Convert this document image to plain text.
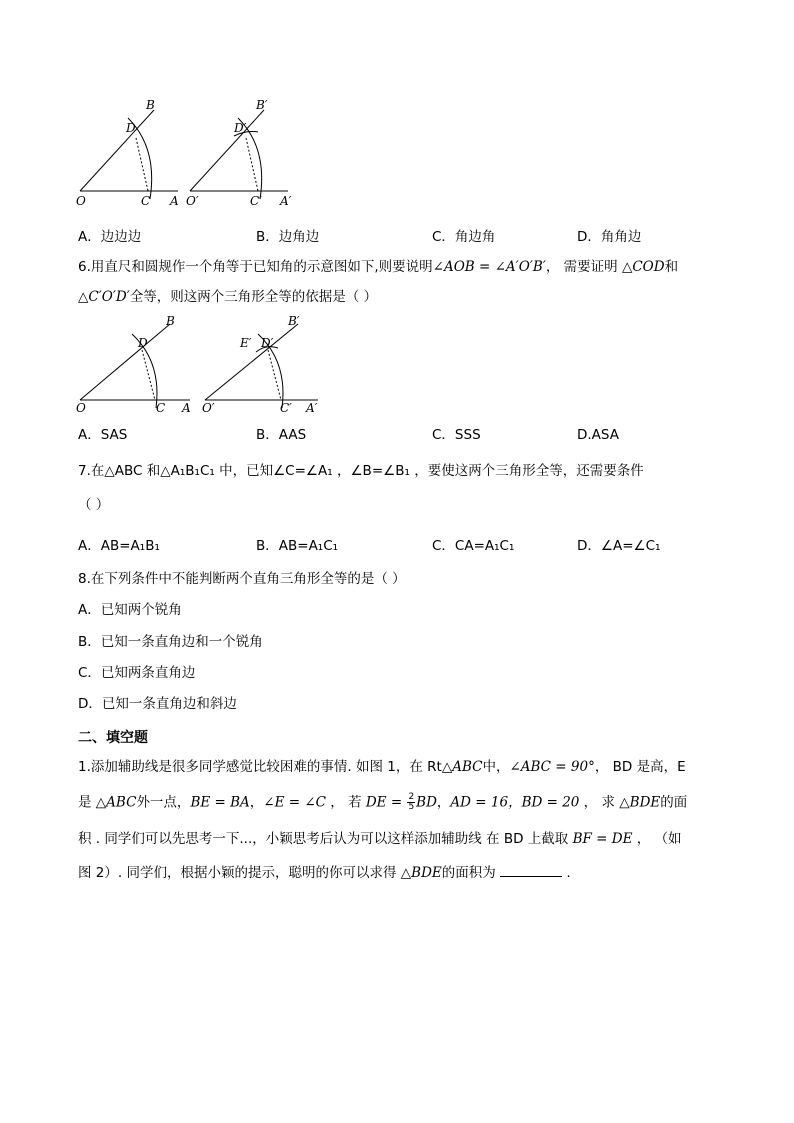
B
D
O	C A
B′
D′
O′	C′ A′
A．边边边	B．边角边	C．角边角	D．角角边
6.用直尺和圆规作一个角等于已知角的示意图如下,则要说明∠AOB = ∠A′O′B′， 需要证明 △COD和
△C′O′D′全等，则这两个三角形全等的依据是（ ）
B
D
O	C A
B′
E′ D′
O′	C′ A′
A．SAS	B．AAS	C．SSS	D.ASA
7.在△ABC 和△A₁B₁C₁ 中，已知∠C=∠A₁ ，∠B=∠B₁ ，要使这两个三角形全等，还需要条件
（ ）
A．AB=A₁B₁	B．AB=A₁C₁	C．CA=A₁C₁	D．∠A=∠C₁
8.在下列条件中不能判断两个直角三角形全等的是（ ）
A．已知两个锐角
B．已知一条直角边和一个锐角
C．已知两条直角边
D．已知一条直角边和斜边
二、填空题
1.添加辅助线是很多同学感觉比较困难的事情. 如图 1，在 Rt△ABC中，∠ABC = 90°， BD 是高，E
是 △ABC外一点，BE = BA，∠E = ∠C ， 若 DE = $\frac{2}{5}$ BD，AD = 16，BD = 20 ， 求 △BDE的面
积 . 同学们可以先思考一下...，小颖思考后认为可以这样添加辅助线 在 BD 上截取 BF = DE ， （如
图 2）. 同学们，根据小颖的提示，聪明的你可以求得 △BDE的面积为	.
